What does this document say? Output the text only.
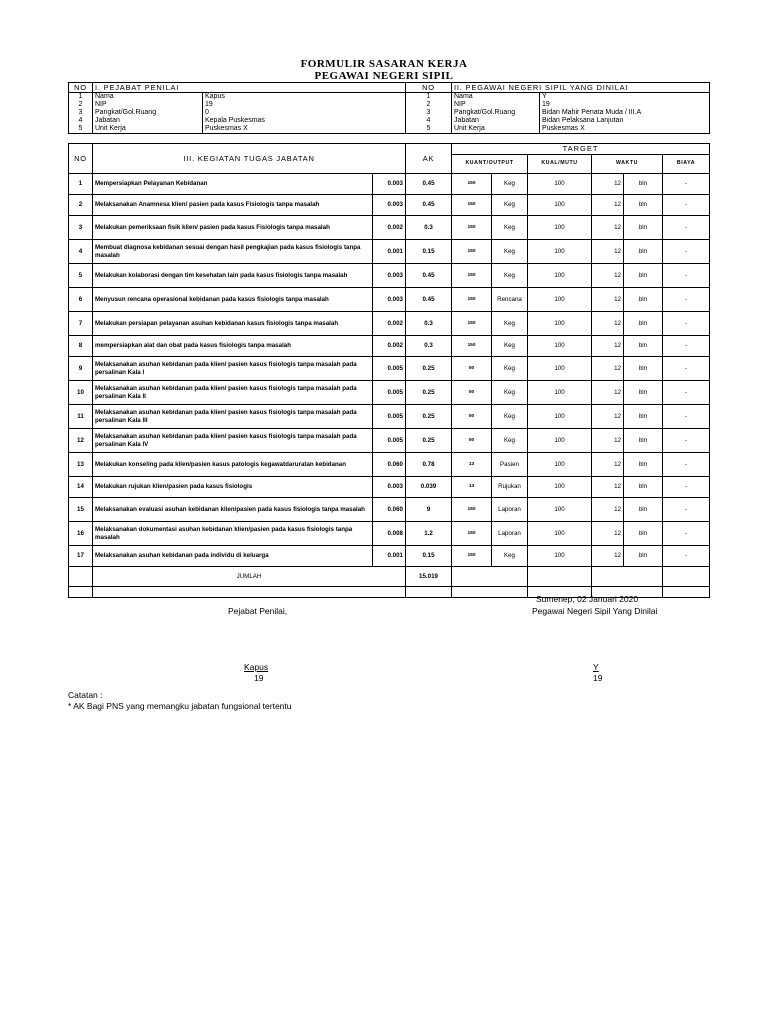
FORMULIR SASARAN KERJA
PEGAWAI NEGERI SIPIL
NO	I. PEJABAT PENILAI		NO	II. PEGAWAI NEGERI SIPIL YANG DINILAI	
1	Nama	Kapus	1	Nama	Y
2	NIP	19	2	NIP	19
3	Pangkat/Gol.Ruang	0	3	Pangkat/Gol.Ruang	Bidan Mahir Penata Muda / III.A
4	Jabatan	Kepala Puskesmas	4	Jabatan	Bidan Pelaksana Lanjutan
5	Unit Kerja	Puskesmas X	5	Unit Kerja	Puskesmas X
NO	III. KEGIATAN TUGAS JABATAN		AK	TARGET					
				KUANT/OUTPUT		KUAL/MUTU	WAKTU		BIAYA
1	Mempersiapkan Pelayanan Kebidanan	0.003	0.45	150	Keg	100	12	bln	-
2	Melaksanakan Anamnesa klien/ pasien pada kasus Fisiologis tanpa masalah	0.003	0.45	150	Keg	100	12	bln	-
3	Melakukan pemeriksaan fisik klien/ pasien pada kasus Fisiologis tanpa masalah	0.002	0.3	150	Keg	100	12	bln	-
4	Membuat diagnosa kebidanan sesuai dengan hasil pengkajian pada kasus fisiologis tanpa masalah	0.001	0.15	150	Keg	100	12	bln	-
5	Melakukan kolaborasi dengan tim kesehatan lain pada kasus fisiologis tanpa masalah	0.003	0.45	150	Keg	100	12	bln	-
6	Menyusun rencana operasional kebidanan pada kasus fisiologis tanpa masalah	0.003	0.45	150	Rencana	100	12	bln	-
7	Melakukan persiapan pelayanan asuhan kebidanan kasus fisiologis tanpa masalah	0.002	0.3	150	Keg	100	12	bln	-
8	mempersiapkan alat dan obat pada kasus fisiologis tanpa masalah	0.002	0.3	150	Keg	100	12	bln	-
9	Melaksanakan asuhan kebidanan pada klien/ pasien kasus fisiologis tanpa masalah pada persalinan Kala I	0.005	0.25	50	Keg	100	12	bln	-
10	Melaksanakan asuhan kebidanan pada klien/ pasien kasus fisiologis tanpa masalah pada persalinan Kala II	0.005	0.25	50	Keg	100	12	bln	-
11	Melaksanakan asuhan kebidanan pada klien/ pasien kasus fisiologis tanpa masalah pada persalinan Kala III	0.005	0.25	50	Keg	100	12	bln	-
12	Melaksanakan asuhan kebidanan pada klien/ pasien kasus fisiologis tanpa masalah pada persalinan Kala IV	0.005	0.25	50	Keg	100	12	bln	-
13	Melakukan konseling pada klien/pasien kasus patologis kegawatdaruratan kebidanan	0.060	0.78	13	Pasien	100	12	bln	-
14	Melakukan rujukan klien/pasien pada kasus fisiologis	0.003	0.039	13	Rujukan	100	12	bln	-
15	Melaksanakan evaluasi asuhan kebidanan klien/pasien pada kasus fisiologis tanpa masalah	0.060	9	150	Laporan	100	12	bln	-
16	Melaksanakan dokumentasi asuhan kebidanan klien/pasien pada kasus fisiologis tanpa masalah	0.008	1.2	150	Laporan	100	12	bln	-
17	Melaksanakan asuhan kebidanan pada individu di keluarga	0.001	0.15	150	Keg	100	12	bln	-
	JUMLAH		15.019						

Sumenep, 02 Januari 2020
Pejabat Penilai,	Pegawai Negeri Sipil Yang Dinilai
Kapus
19
Y
19
Catatan :
* AK Bagi PNS yang memangku jabatan fungsional tertentu
